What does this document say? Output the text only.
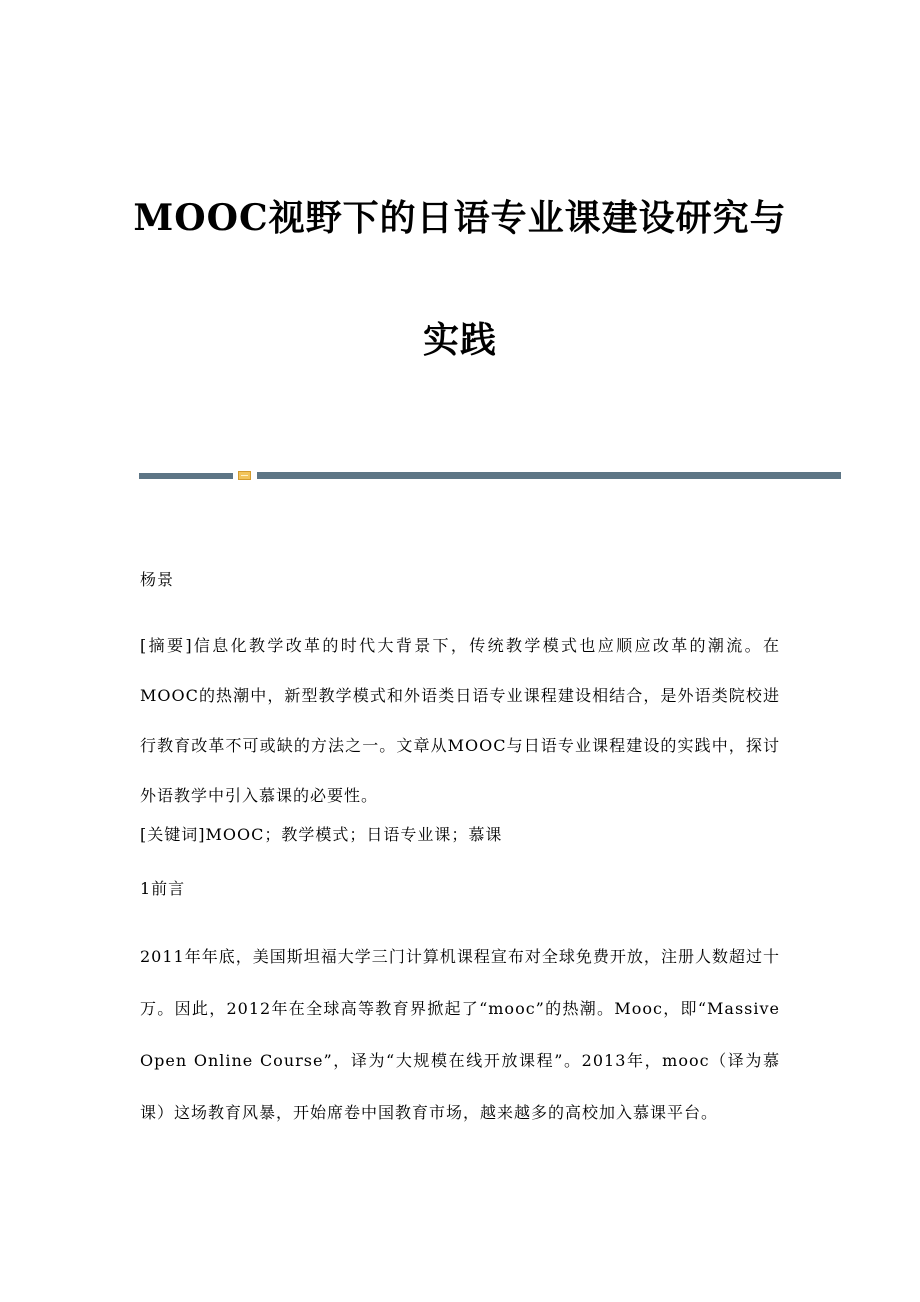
MOOC视野下的日语专业课建设研究与
实践

杨景

[摘要]信息化教学改革的时代大背景下，传统教学模式也应顺应改革的潮流。在MOOC的热潮中，新型教学模式和外语类日语专业课程建设相结合，是外语类院校进行教育改革不可或缺的方法之一。文章从MOOC与日语专业课程建设的实践中，探讨外语教学中引入慕课的必要性。

[关键词]MOOC；教学模式；日语专业课；慕课

1前言

2011年年底，美国斯坦福大学三门计算机课程宣布对全球免费开放，注册人数超过十万。因此，2012年在全球高等教育界掀起了“mooc”的热潮。Mooc，即“Massive Open Online Course”，译为“大规模在线开放课程”。2013年，mooc（译为慕课）这场教育风暴，开始席卷中国教育市场，越来越多的高校加入慕课平台。
